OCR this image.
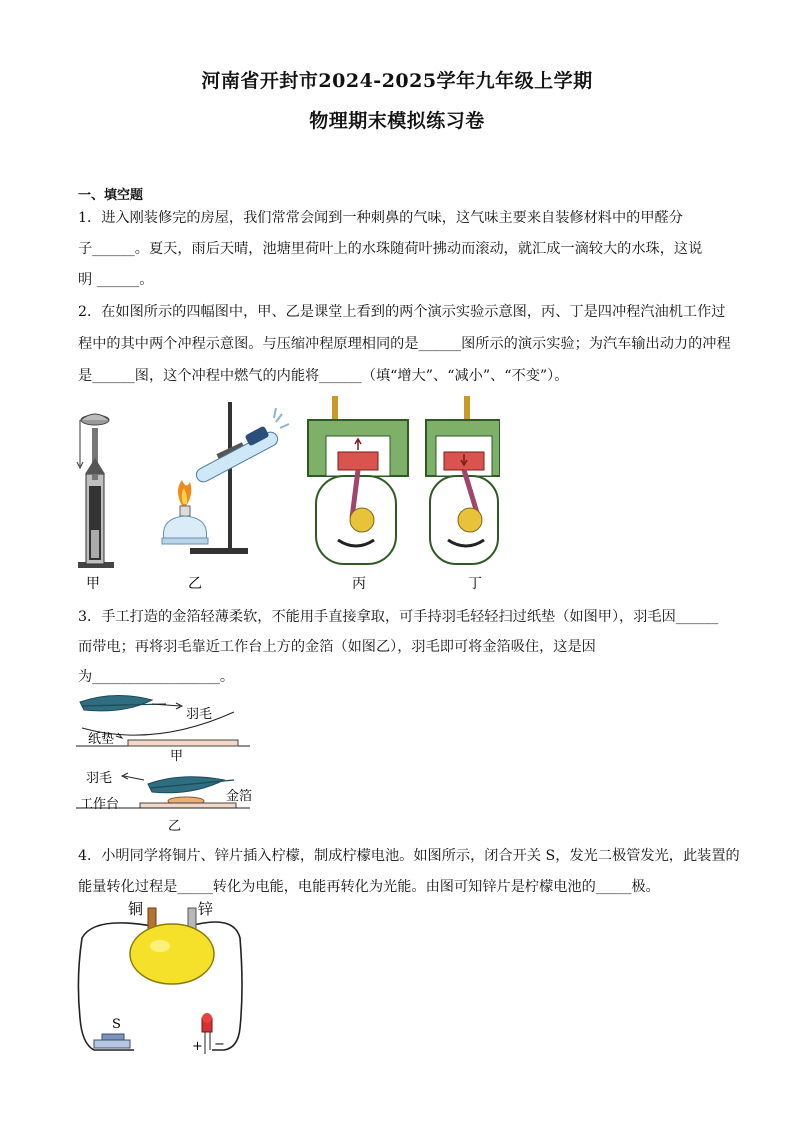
河南省开封市2024-2025学年九年级上学期
物理期末模拟练习卷
一、填空题
1．进入刚装修完的房屋，我们常常会闻到一种刺鼻的气味，这气味主要来自装修材料中的甲醛分
子______。夏天，雨后天晴，池塘里荷叶上的水珠随荷叶拂动而滚动，就汇成一滴较大的水珠，这说
明 ______。
2．在如图所示的四幅图中，甲、乙是课堂上看到的两个演示实验示意图，丙、丁是四冲程汽油机工作过
程中的其中两个冲程示意图。与压缩冲程原理相同的是______图所示的演示实验；为汽车输出动力的冲程
是______图，这个冲程中燃气的内能将______（填“增大”、“减小”、“不变”）。
甲	乙	丙	丁
3．手工打造的金箔轻薄柔软，不能用手直接拿取，可手持羽毛轻轻扫过纸垫（如图甲），羽毛因______
而带电；再将羽毛靠近工作台上方的金箔（如图乙），羽毛即可将金箔吸住，这是因
为__________________。
羽毛
纸垫
甲
羽毛
金箔
工作台
乙
4．小明同学将铜片、锌片插入柠檬，制成柠檬电池。如图所示，闭合开关 S，发光二极管发光，此装置的
能量转化过程是_____转化为电能，电能再转化为光能。由图可知锌片是柠檬电池的_____极。
铜	锌
S
+ −
